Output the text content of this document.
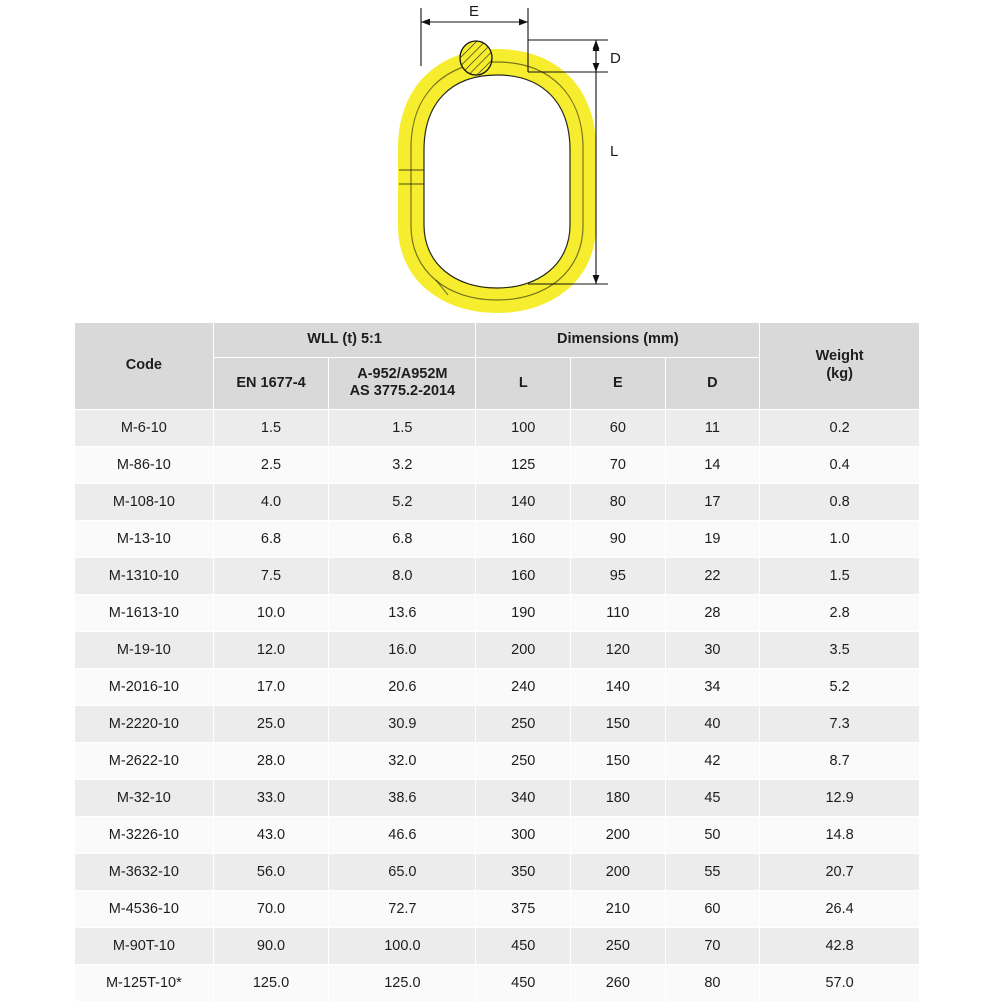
E
D
L
Code	WLL (t) 5:1		Dimensions (mm)			Weight
(kg)
	EN 1677-4	A-952/A952M
AS 3775.2-2014	L	E	D	
M-6-10	1.5	1.5	100	60	11	0.2
M-86-10	2.5	3.2	125	70	14	0.4
M-108-10	4.0	5.2	140	80	17	0.8
M-13-10	6.8	6.8	160	90	19	1.0
M-1310-10	7.5	8.0	160	95	22	1.5
M-1613-10	10.0	13.6	190	110	28	2.8
M-19-10	12.0	16.0	200	120	30	3.5
M-2016-10	17.0	20.6	240	140	34	5.2
M-2220-10	25.0	30.9	250	150	40	7.3
M-2622-10	28.0	32.0	250	150	42	8.7
M-32-10	33.0	38.6	340	180	45	12.9
M-3226-10	43.0	46.6	300	200	50	14.8
M-3632-10	56.0	65.0	350	200	55	20.7
M-4536-10	70.0	72.7	375	210	60	26.4
M-90T-10	90.0	100.0	450	250	70	42.8
M-125T-10*	125.0	125.0	450	260	80	57.0
